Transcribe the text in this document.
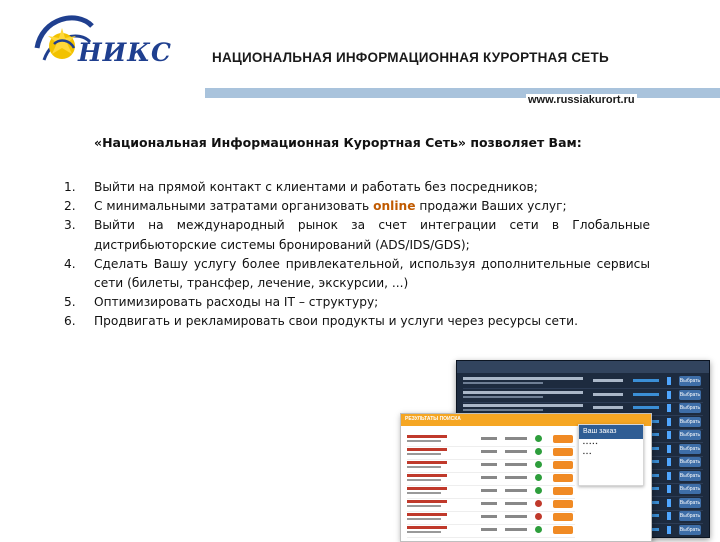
НИКС	НАЦИОНАЛЬНАЯ ИНФОРМАЦИОННАЯ КУРОРТНАЯ СЕТЬ
www.russiakurort.ru
«Национальная Информационная Курортная Сеть» позволяет Вам:
1. Выйти на прямой контакт с клиентами и работать без посредников;
2. С минимальными затратами организовать online продажи Ваших услуг;
3. Выйти на международный рынок за счет интеграции сети в Глобальные дистрибьюторские системы бронирований (ADS/IDS/GDS);
4. Сделать Вашу услугу более привлекательной, используя дополнительные сервисы сети (билеты, трансфер, лечение, экскурсии, ...)
5. Оптимизировать расходы на IT – структуру;
6. Продвигать и рекламировать свои продукты и услуги через ресурсы сети.
Выбрать
Выбрать
Выбрать
Выбрать
Выбрать
Выбрать
Выбрать
Выбрать
Выбрать
Выбрать
Выбрать
Выбрать
РЕЗУЛЬТАТЫ ПОИСКА
Ваш заказ
▪ ▪ ▪ ▪ ▪
▪ ▪ ▪
